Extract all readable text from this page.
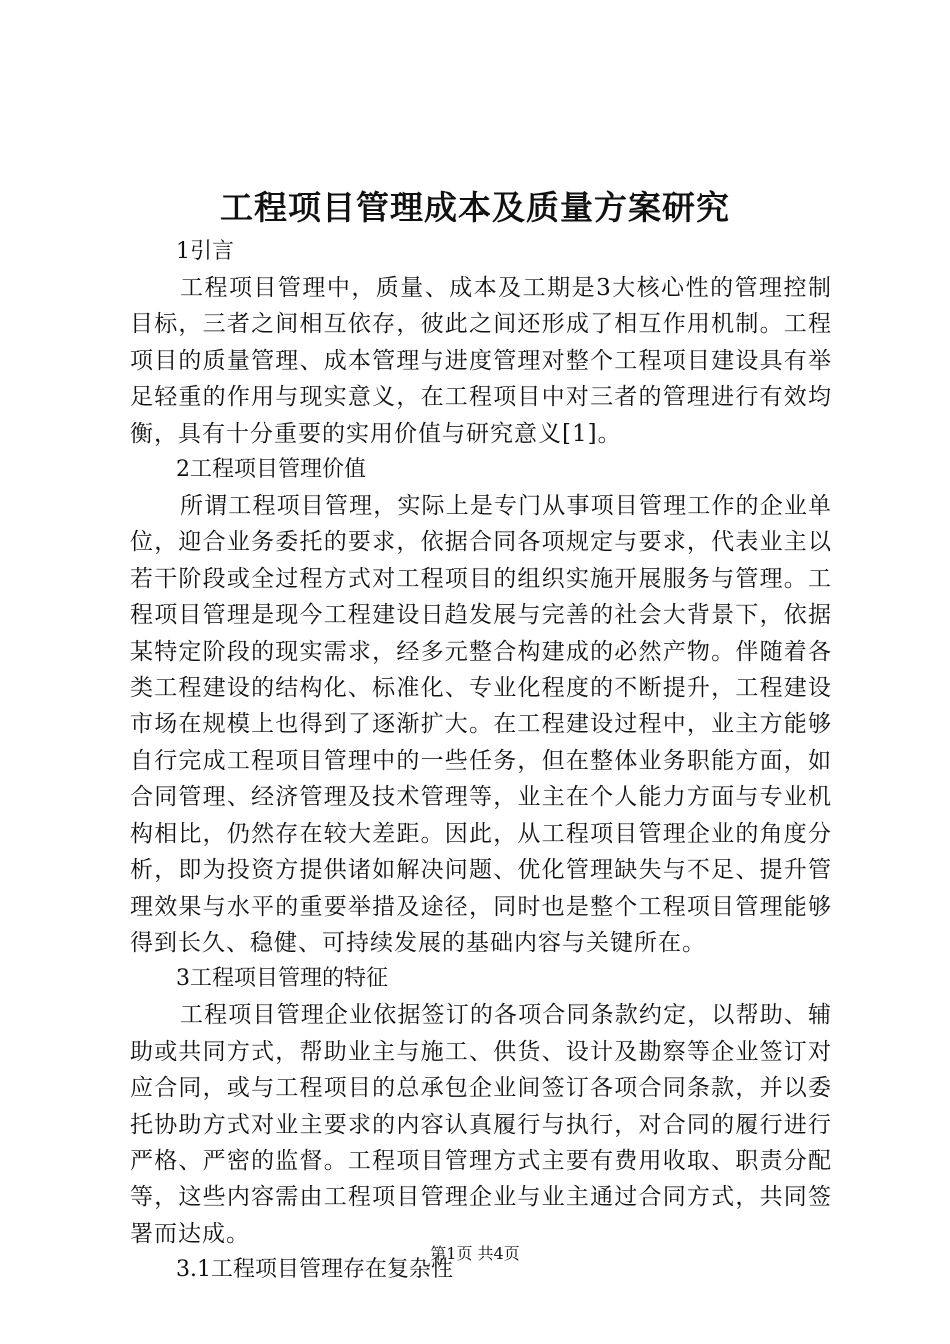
工程项目管理成本及质量方案研究
1引言
工程项目管理中，质量、成本及工期是3大核心性的管理控制目标，三者之间相互依存，彼此之间还形成了相互作用机制。工程项目的质量管理、成本管理与进度管理对整个工程项目建设具有举足轻重的作用与现实意义，在工程项目中对三者的管理进行有效均衡，具有十分重要的实用价值与研究意义[1]。
2工程项目管理价值
所谓工程项目管理，实际上是专门从事项目管理工作的企业单位，迎合业务委托的要求，依据合同各项规定与要求，代表业主以若干阶段或全过程方式对工程项目的组织实施开展服务与管理。工程项目管理是现今工程建设日趋发展与完善的社会大背景下，依据某特定阶段的现实需求，经多元整合构建成的必然产物。伴随着各类工程建设的结构化、标准化、专业化程度的不断提升，工程建设市场在规模上也得到了逐渐扩大。在工程建设过程中，业主方能够自行完成工程项目管理中的一些任务，但在整体业务职能方面，如合同管理、经济管理及技术管理等，业主在个人能力方面与专业机构相比，仍然存在较大差距。因此，从工程项目管理企业的角度分析，即为投资方提供诸如解决问题、优化管理缺失与不足、提升管理效果与水平的重要举措及途径，同时也是整个工程项目管理能够得到长久、稳健、可持续发展的基础内容与关键所在。
3工程项目管理的特征
工程项目管理企业依据签订的各项合同条款约定，以帮助、辅助或共同方式，帮助业主与施工、供货、设计及勘察等企业签订对应合同，或与工程项目的总承包企业间签订各项合同条款，并以委托协助方式对业主要求的内容认真履行与执行，对合同的履行进行严格、严密的监督。工程项目管理方式主要有费用收取、职责分配等，这些内容需由工程项目管理企业与业主通过合同方式，共同签署而达成。
3.1工程项目管理存在复杂性
第1页 共4页
